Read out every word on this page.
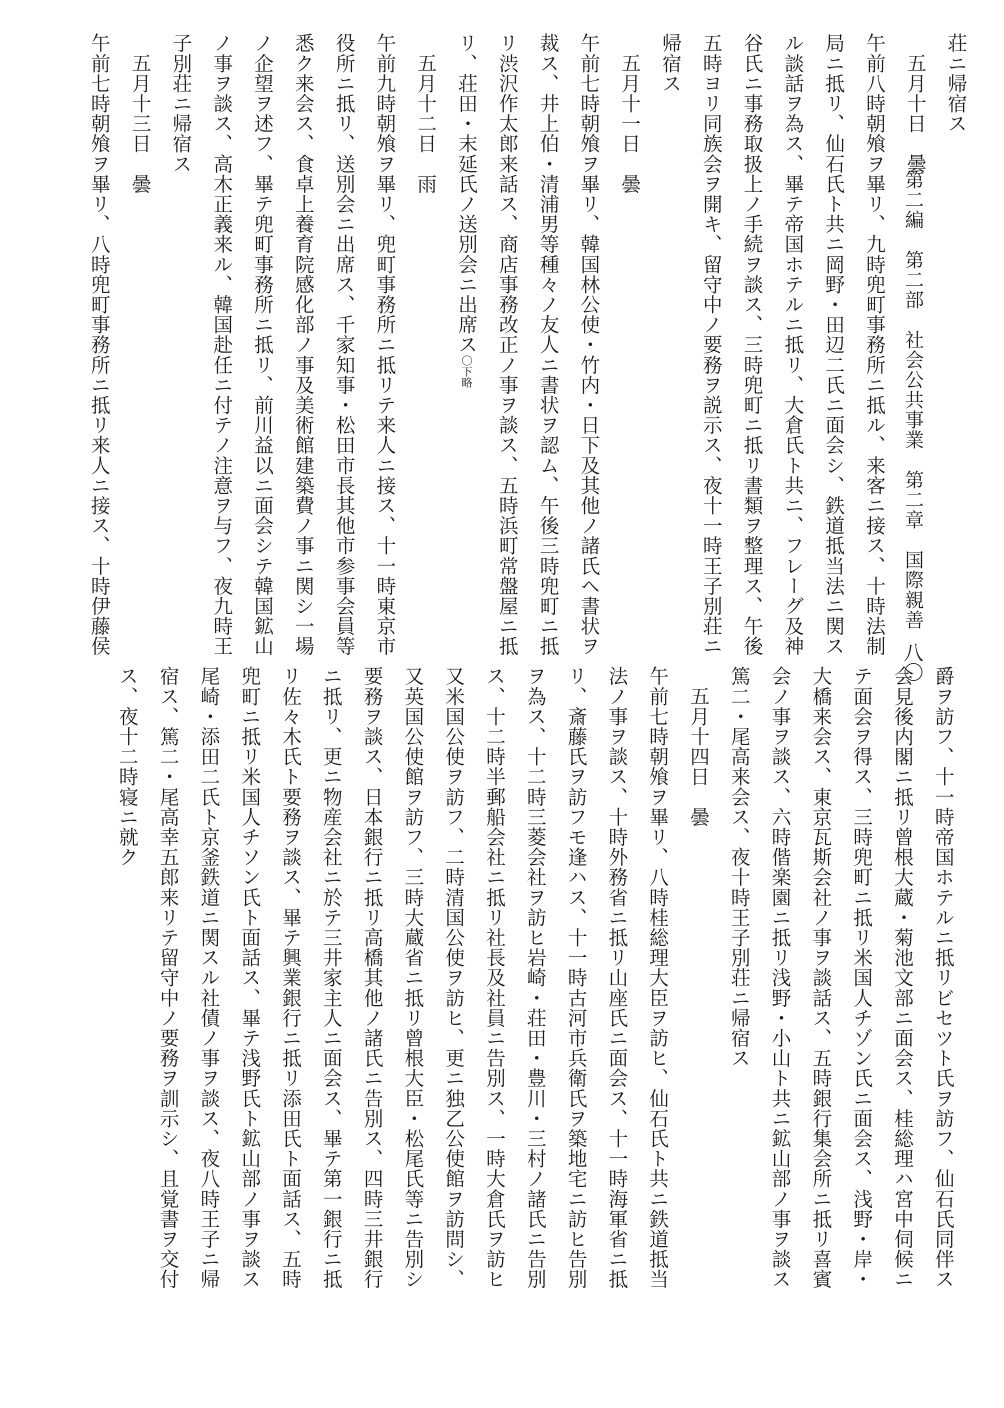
第二編　第二部　社会公共事業　第二章　国際親善
八〇
荘ニ帰宿ス
五月十日　曇
午前八時朝飧ヲ畢リ、九時兜町事務所ニ抵ル、来客ニ接ス、十時法制
局ニ抵リ、仙石氏ト共ニ岡野・田辺二氏ニ面会シ、鉄道抵当法ニ関ス
ル談話ヲ為ス、畢テ帝国ホテルニ抵リ、大倉氏ト共ニ、フレーグ及神
谷氏ニ事務取扱上ノ手続ヲ談ス、三時兜町ニ抵リ書類ヲ整理ス、午後
五時ヨリ同族会ヲ開キ、留守中ノ要務ヲ説示ス、夜十一時王子別荘ニ
帰宿ス
五月十一日　曇
午前七時朝飧ヲ畢リ、韓国林公使・竹内・日下及其他ノ諸氏ヘ書状ヲ
裁ス、井上伯・清浦男等種々ノ友人ニ書状ヲ認ム、午後三時兜町ニ抵
リ渋沢作太郎来話ス、商店事務改正ノ事ヲ談ス、五時浜町常盤屋ニ抵
リ、荘田・末延氏ノ送別会ニ出席ス〇下略
五月十二日　雨
午前九時朝飧ヲ畢リ、兜町事務所ニ抵リテ来人ニ接ス、十一時東京市
役所ニ抵リ、送別会ニ出席ス、千家知事・松田市長其他市参事会員等
悉ク来会ス、食卓上養育院感化部ノ事及美術館建築費ノ事ニ関シ一場
ノ企望ヲ述フ、畢テ兜町事務所ニ抵リ、前川益以ニ面会シテ韓国鉱山
ノ事ヲ談ス、高木正義来ル、韓国赴任ニ付テノ注意ヲ与フ、夜九時王
子別荘ニ帰宿ス
五月十三日　曇
午前七時朝飧ヲ畢リ、八時兜町事務所ニ抵リ来人ニ接ス、十時伊藤侯
爵ヲ訪フ、十一時帝国ホテルニ抵リビセツト氏ヲ訪フ、仙石氏同伴ス
会見後内閣ニ抵リ曾根大蔵・菊池文部ニ面会ス、桂総理ハ宮中伺候ニ
テ面会ヲ得ス、三時兜町ニ抵リ米国人チゾン氏ニ面会ス、浅野・岸・
大橋来会ス、東京瓦斯会社ノ事ヲ談話ス、五時銀行集会所ニ抵リ喜賓
会ノ事ヲ談ス、六時偕楽園ニ抵リ浅野・小山ト共ニ鉱山部ノ事ヲ談ス
篤二・尾高来会ス、夜十時王子別荘ニ帰宿ス
五月十四日　曇
午前七時朝飧ヲ畢リ、八時桂総理大臣ヲ訪ヒ、仙石氏ト共ニ鉄道抵当
法ノ事ヲ談ス、十時外務省ニ抵リ山座氏ニ面会ス、十一時海軍省ニ抵
リ、斎藤氏ヲ訪フモ逢ハス、十一時古河市兵衛氏ヲ築地宅ニ訪ヒ告別
ヲ為ス、十二時三菱会社ヲ訪ヒ岩崎・荘田・豊川・三村ノ諸氏ニ告別
ス、十二時半郵船会社ニ抵リ社長及社員ニ告別ス、一時大倉氏ヲ訪ヒ
又米国公使ヲ訪フ、二時清国公使ヲ訪ヒ、更ニ独乙公使館ヲ訪問シ、
又英国公使館ヲ訪フ、三時大蔵省ニ抵リ曾根大臣・松尾氏等ニ告別シ
要務ヲ談ス、日本銀行ニ抵リ高橋其他ノ諸氏ニ告別ス、四時三井銀行
ニ抵リ、更ニ物産会社ニ於テ三井家主人ニ面会ス、畢テ第一銀行ニ抵
リ佐々木氏ト要務ヲ談ス、畢テ興業銀行ニ抵リ添田氏ト面話ス、五時
兜町ニ抵リ米国人チソン氏ト面話ス、畢テ浅野氏ト鉱山部ノ事ヲ談ス
尾崎・添田二氏ト京釜鉄道ニ関スル社債ノ事ヲ談ス、夜八時王子ニ帰
宿ス、篤二・尾高幸五郎来リテ留守中ノ要務ヲ訓示シ、且覚書ヲ交付
ス、夜十二時寝ニ就ク
